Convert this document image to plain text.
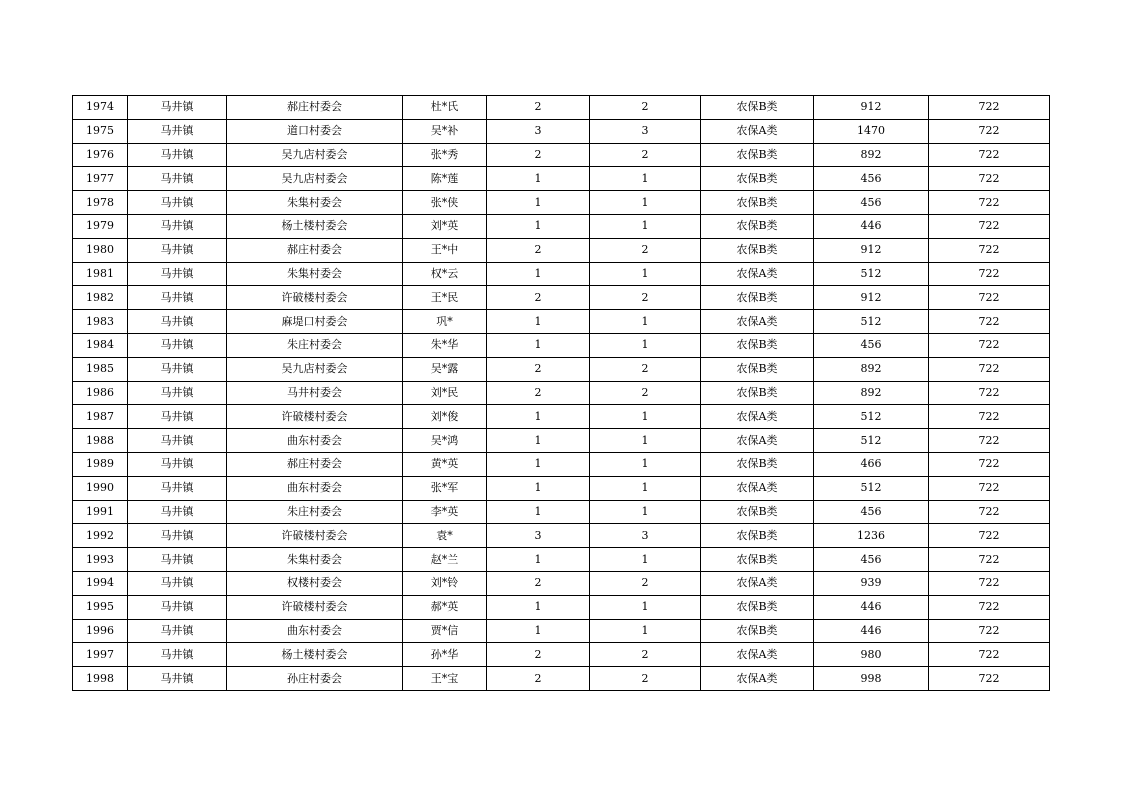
1974	马井镇	郝庄村委会	杜*氏	2	2	农保B类	912	722
1975	马井镇	道口村委会	吴*补	3	3	农保A类	1470	722
1976	马井镇	吴九店村委会	张*秀	2	2	农保B类	892	722
1977	马井镇	吴九店村委会	陈*莲	1	1	农保B类	456	722
1978	马井镇	朱集村委会	张*侠	1	1	农保B类	456	722
1979	马井镇	杨土楼村委会	刘*英	1	1	农保B类	446	722
1980	马井镇	郝庄村委会	王*中	2	2	农保B类	912	722
1981	马井镇	朱集村委会	权*云	1	1	农保A类	512	722
1982	马井镇	许破楼村委会	王*民	2	2	农保B类	912	722
1983	马井镇	麻堤口村委会	巩*	1	1	农保A类	512	722
1984	马井镇	朱庄村委会	朱*华	1	1	农保B类	456	722
1985	马井镇	吴九店村委会	吴*露	2	2	农保B类	892	722
1986	马井镇	马井村委会	刘*民	2	2	农保B类	892	722
1987	马井镇	许破楼村委会	刘*俊	1	1	农保A类	512	722
1988	马井镇	曲东村委会	吴*鸿	1	1	农保A类	512	722
1989	马井镇	郝庄村委会	黄*英	1	1	农保B类	466	722
1990	马井镇	曲东村委会	张*军	1	1	农保A类	512	722
1991	马井镇	朱庄村委会	李*英	1	1	农保B类	456	722
1992	马井镇	许破楼村委会	袁*	3	3	农保B类	1236	722
1993	马井镇	朱集村委会	赵*兰	1	1	农保B类	456	722
1994	马井镇	权楼村委会	刘*铃	2	2	农保A类	939	722
1995	马井镇	许破楼村委会	郝*英	1	1	农保B类	446	722
1996	马井镇	曲东村委会	贾*信	1	1	农保B类	446	722
1997	马井镇	杨土楼村委会	孙*华	2	2	农保A类	980	722
1998	马井镇	孙庄村委会	王*宝	2	2	农保A类	998	722
